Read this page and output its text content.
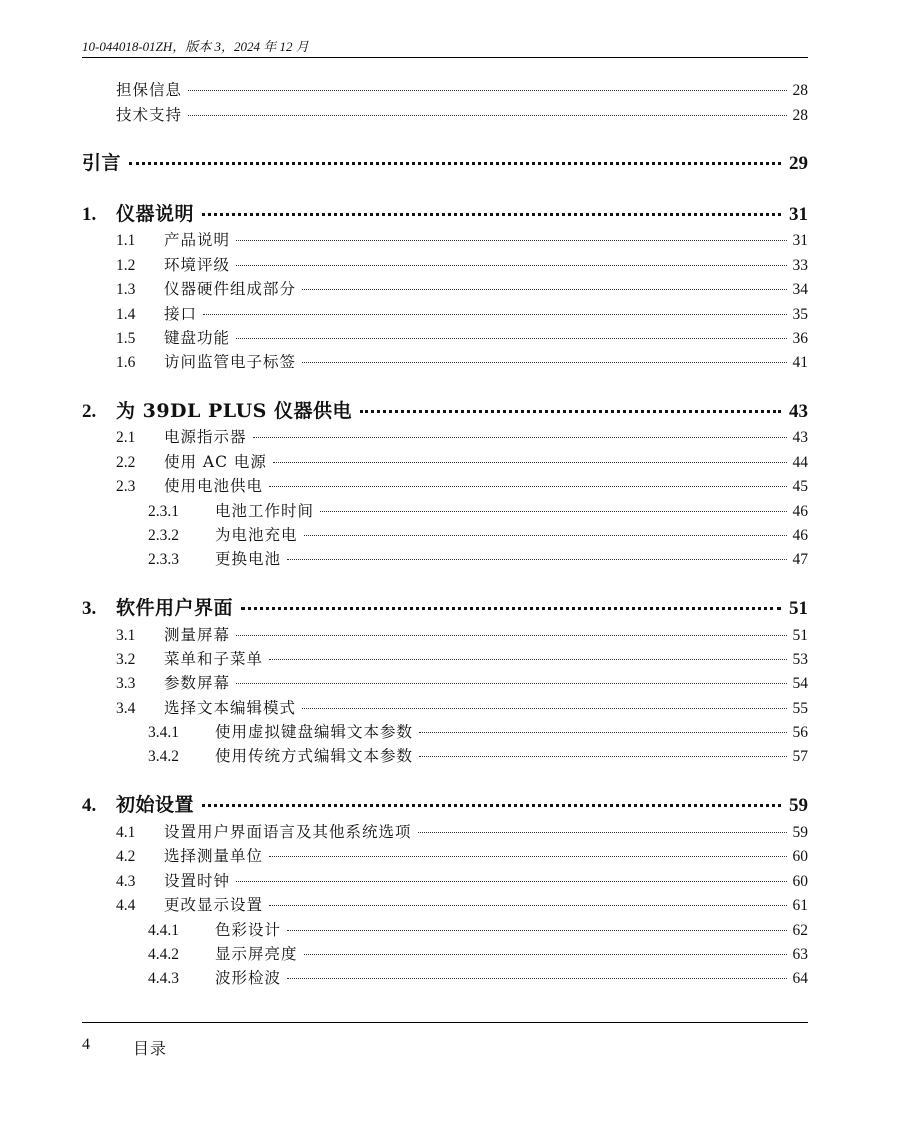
10-044018-01ZH，版本 3，2024 年 12 月
担保信息	28
技术支持	28
引言	29
1.	仪器说明	31
1.1	产品说明	31
1.2	环境评级	33
1.3	仪器硬件组成部分	34
1.4	接口	35
1.5	键盘功能	36
1.6	访问监管电子标签	41
2.	为 39DL PLUS 仪器供电	43
2.1	电源指示器	43
2.2	使用 AC 电源	44
2.3	使用电池供电	45
2.3.1	电池工作时间	46
2.3.2	为电池充电	46
2.3.3	更换电池	47
3.	软件用户界面	51
3.1	测量屏幕	51
3.2	菜单和子菜单	53
3.3	参数屏幕	54
3.4	选择文本编辑模式	55
3.4.1	使用虚拟键盘编辑文本参数	56
3.4.2	使用传统方式编辑文本参数	57
4.	初始设置	59
4.1	设置用户界面语言及其他系统选项	59
4.2	选择测量单位	60
4.3	设置时钟	60
4.4	更改显示设置	61
4.4.1	色彩设计	62
4.4.2	显示屏亮度	63
4.4.3	波形检波	64
4	目录
